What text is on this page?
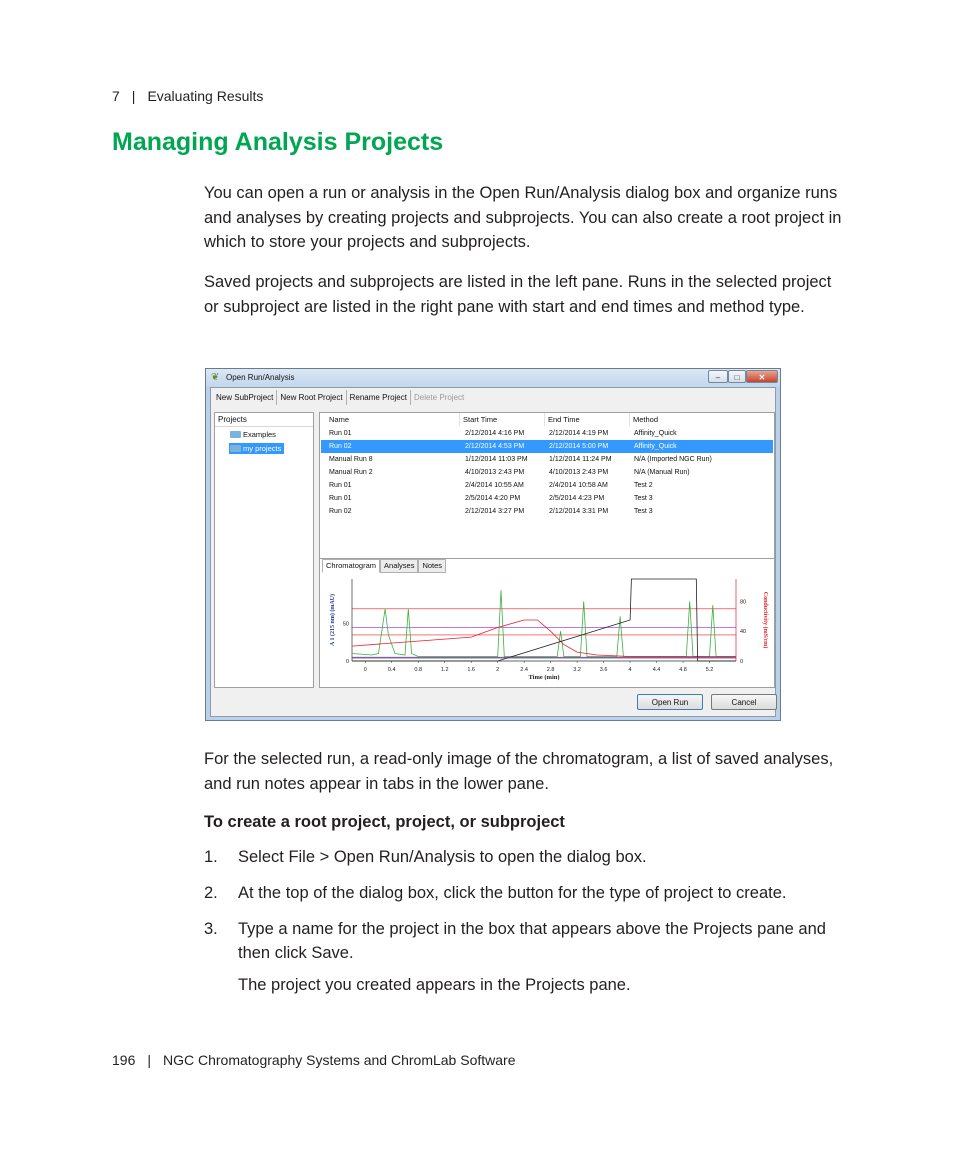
7 | Evaluating Results
Managing Analysis Projects

You can open a run or analysis in the Open Run/Analysis dialog box and organize runs and analyses by creating projects and subprojects. You can also create a root project in which to store your projects and subprojects.

Saved projects and subprojects are listed in the left pane. Runs in the selected project or subproject are listed in the right pane with start and end times and method type.

❦ Open Run/Analysis	–	□	✕
New SubProject New Root Project Rename Project Delete Project
Projects
Examples
my projects
Name	Start Time	End Time	Method
Run 01	2/12/2014 4:16 PM	2/12/2014 4:19 PM	Affinity_Quick
Run 02	2/12/2014 4:53 PM	2/12/2014 5:00 PM	Affinity_Quick
Manual Run 8	1/12/2014 11:03 PM	1/12/2014 11:24 PM	N/A (Imported NGC Run)
Manual Run 2	4/10/2013 2:43 PM	4/10/2013 2:43 PM	N/A (Manual Run)
Run 01	2/4/2014 10:55 AM	2/4/2014 10:58 AM	Test 2
Run 01	2/5/2014 4:20 PM	2/5/2014 4:23 PM	Test 3
Run 02	2/12/2014 3:27 PM	2/12/2014 3:31 PM	Test 3
Chromatogram Analyses Notes
0	0.4	0.8	1.2	1.6	2	2.4	2.8	3.2	3.6	4	4.4	4.8	5.2
0
50
0
40
80
Time (min)
A 1 (215 nm) (mAU)	Conductivity (mS/cm)
Open Run	Cancel

For the selected run, a read-only image of the chromatogram, a list of saved analyses, and run notes appear in tabs in the lower pane.

To create a root project, project, or subproject

1. Select File > Open Run/Analysis to open the dialog box.
2. At the top of the dialog box, click the button for the type of project to create.
3. Type a name for the project in the box that appears above the Projects pane and then click Save.
The project you created appears in the Projects pane.
196 | NGC Chromatography Systems and ChromLab Software
